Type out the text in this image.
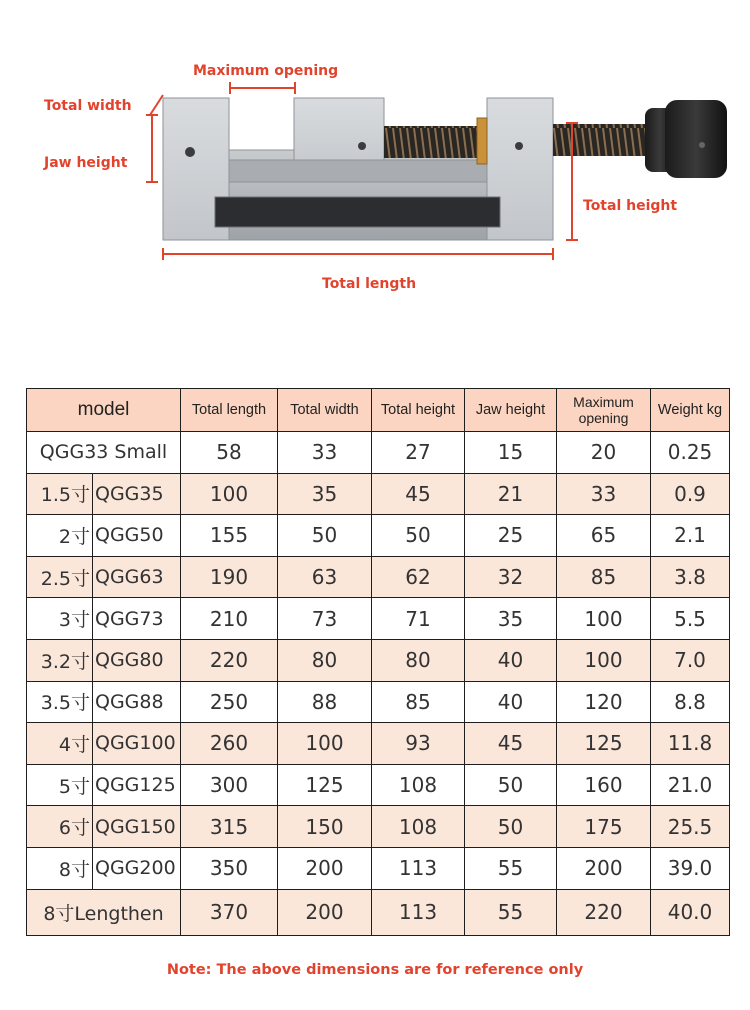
Maximum opening
Total width
Jaw height
Total height
Total length
model		Total length	Total width	Total height	Jaw height	Maximum opening	Weight kg
QGG33 Small		58	33	27	15	20	0.25
1.5寸	QGG35	100	35	45	21	33	0.9
2寸	QGG50	155	50	50	25	65	2.1
2.5寸	QGG63	190	63	62	32	85	3.8
3寸	QGG73	210	73	71	35	100	5.5
3.2寸	QGG80	220	80	80	40	100	7.0
3.5寸	QGG88	250	88	85	40	120	8.8
4寸	QGG100	260	100	93	45	125	11.8
5寸	QGG125	300	125	108	50	160	21.0
6寸	QGG150	315	150	108	50	175	25.5
8寸	QGG200	350	200	113	55	200	39.0
8寸Lengthen		370	200	113	55	220	40.0
Note: The above dimensions are for reference only
